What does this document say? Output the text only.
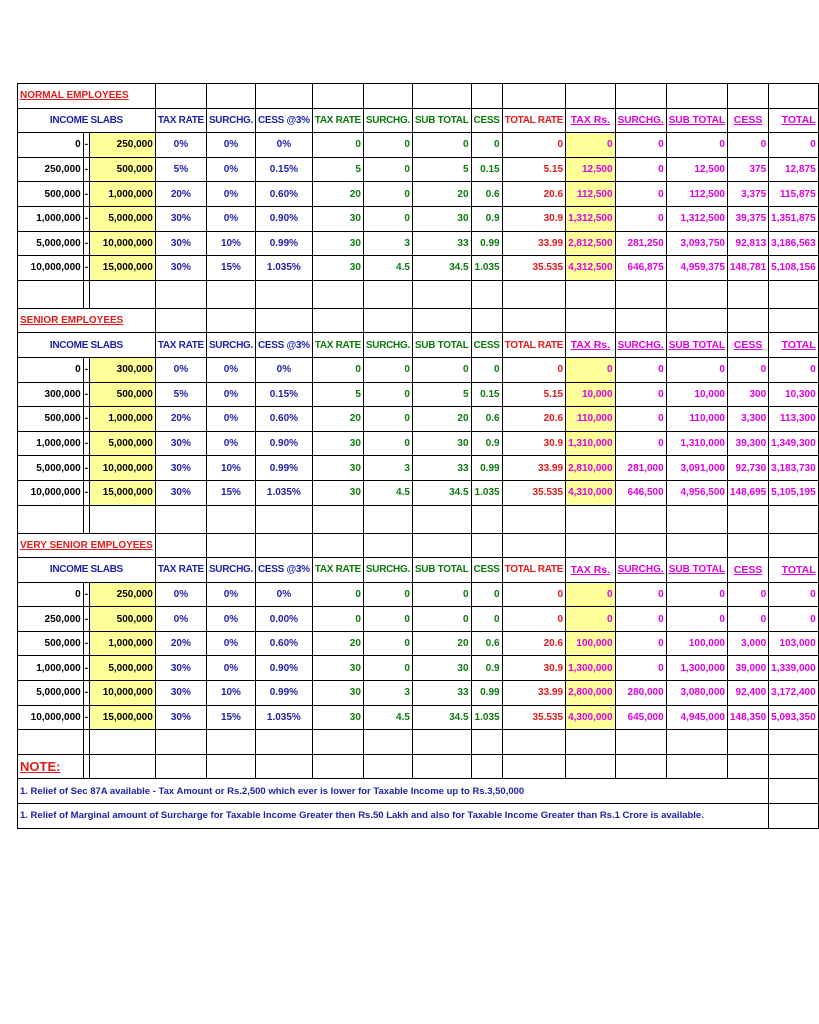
NORMAL EMPLOYEES															
INCOME SLABS			TAX RATE	SURCHG.	CESS @3%	TAX RATE	SURCHG.	SUB TOTAL	CESS	TOTAL RATE	TAX Rs.	SURCHG.	SUB TOTAL	CESS	TOTAL
0	-	250,000	0%	0%	0%	0	0	0	0	0	0	0	0	0	0
250,000	-	500,000	5%	0%	0.15%	5	0	5	0.15	5.15	12,500	0	12,500	375	12,875
500,000	-	1,000,000	20%	0%	0.60%	20	0	20	0.6	20.6	112,500	0	112,500	3,375	115,875
1,000,000	-	5,000,000	30%	0%	0.90%	30	0	30	0.9	30.9	1,312,500	0	1,312,500	39,375	1,351,875
5,000,000	-	10,000,000	30%	10%	0.99%	30	3	33	0.99	33.99	2,812,500	281,250	3,093,750	92,813	3,186,563
10,000,000	-	15,000,000	30%	15%	1.035%	30	4.5	34.5	1.035	35.535	4,312,500	646,875	4,959,375	148,781	5,108,156

SENIOR EMPLOYEES															
INCOME SLABS			TAX RATE	SURCHG.	CESS @3%	TAX RATE	SURCHG.	SUB TOTAL	CESS	TOTAL RATE	TAX Rs.	SURCHG.	SUB TOTAL	CESS	TOTAL
0	-	300,000	0%	0%	0%	0	0	0	0	0	0	0	0	0	0
300,000	-	500,000	5%	0%	0.15%	5	0	5	0.15	5.15	10,000	0	10,000	300	10,300
500,000	-	1,000,000	20%	0%	0.60%	20	0	20	0.6	20.6	110,000	0	110,000	3,300	113,300
1,000,000	-	5,000,000	30%	0%	0.90%	30	0	30	0.9	30.9	1,310,000	0	1,310,000	39,300	1,349,300
5,000,000	-	10,000,000	30%	10%	0.99%	30	3	33	0.99	33.99	2,810,000	281,000	3,091,000	92,730	3,183,730
10,000,000	-	15,000,000	30%	15%	1.035%	30	4.5	34.5	1.035	35.535	4,310,000	646,500	4,956,500	148,695	5,105,195

VERY SENIOR EMPLOYEES															
INCOME SLABS			TAX RATE	SURCHG.	CESS @3%	TAX RATE	SURCHG.	SUB TOTAL	CESS	TOTAL RATE	TAX Rs.	SURCHG.	SUB TOTAL	CESS	TOTAL
0	-	250,000	0%	0%	0%	0	0	0	0	0	0	0	0	0	0
250,000	-	500,000	0%	0%	0.00%	0	0	0	0	0	0	0	0	0	0
500,000	-	1,000,000	20%	0%	0.60%	20	0	20	0.6	20.6	100,000	0	100,000	3,000	103,000
1,000,000	-	5,000,000	30%	0%	0.90%	30	0	30	0.9	30.9	1,300,000	0	1,300,000	39,000	1,339,000
5,000,000	-	10,000,000	30%	10%	0.99%	30	3	33	0.99	33.99	2,800,000	280,000	3,080,000	92,400	3,172,400
10,000,000	-	15,000,000	30%	15%	1.035%	30	4.5	34.5	1.035	35.535	4,300,000	645,000	4,945,000	148,350	5,093,350

NOTE:															
1. Relief of Sec 87A available - Tax Amount or Rs.2,500 which ever is lower for Taxable Income up to Rs.3,50,000															
1. Relief of Marginal amount of Surcharge for Taxable Income Greater then Rs.50 Lakh and also for Taxable Income Greater than Rs.1 Crore is available.															
